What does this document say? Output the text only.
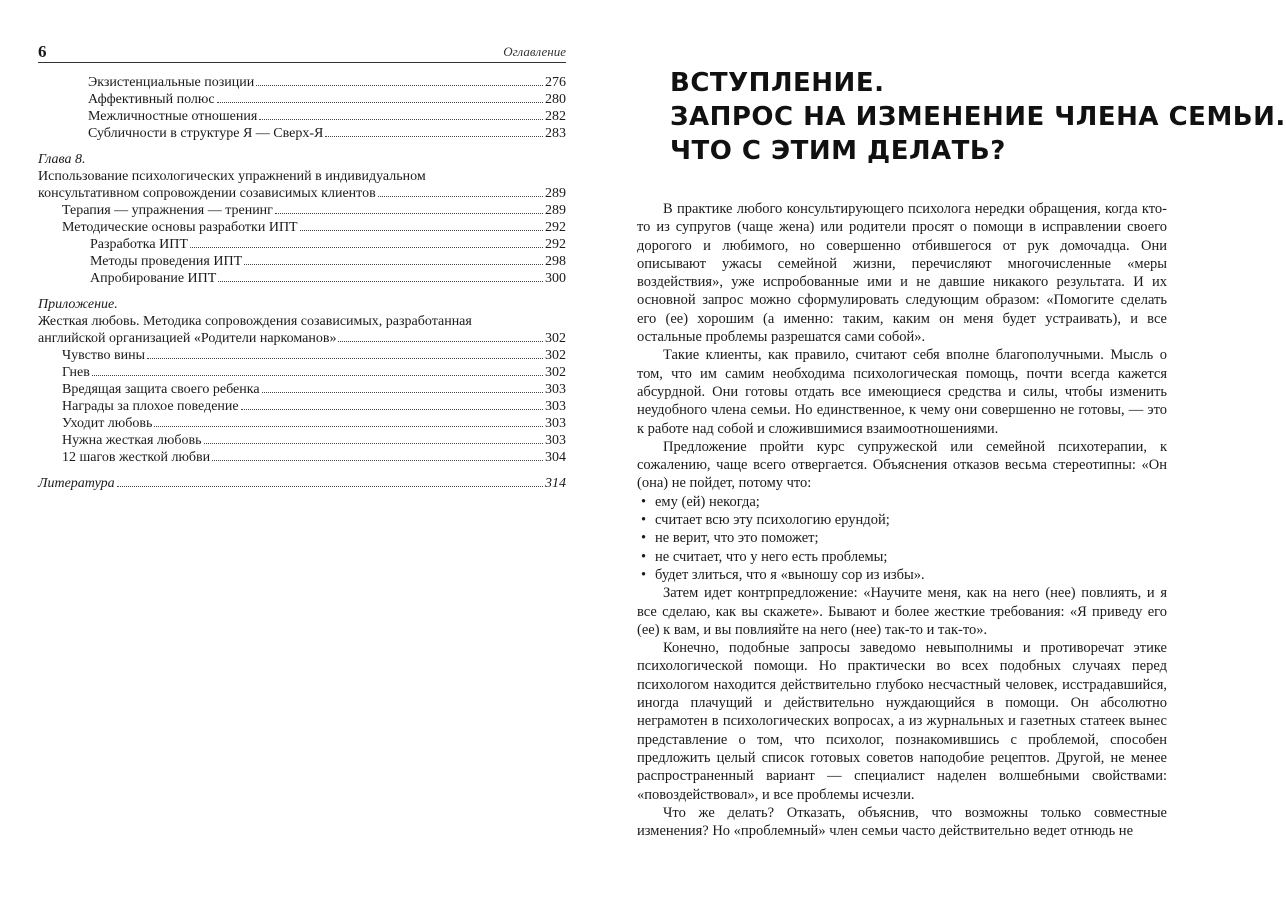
6	Оглавление
Экзистенциальные позиции	276
Аффективный полюс	280
Межличностные отношения	282
Субличности в структуре Я — Сверх-Я	283
Глава 8.
Использование психологических упражнений в индивидуальном
консультативном сопровождении созависимых клиентов	289
Терапия — упражнения — тренинг	289
Методические основы разработки ИПТ	292
Разработка ИПТ	292
Методы проведения ИПТ	298
Апробирование ИПТ	300
Приложение.
Жесткая любовь. Методика сопровождения созависимых, разработанная
английской организацией «Родители наркоманов»	302
Чувство вины	302
Гнев	302
Вредящая защита своего ребенка	303
Награды за плохое поведение	303
Уходит любовь	303
Нужна жесткая любовь	303
12 шагов жесткой любви	304
Литература	314
ВСТУПЛЕНИЕ.
ЗАПРОС НА ИЗМЕНЕНИЕ ЧЛЕНА СЕМЬИ.
ЧТО С ЭТИМ ДЕЛАТЬ?

В практике любого консультирующего психолога нередки обращения, когда кто-то из супругов (чаще жена) или родители просят о помощи в исправлении своего дорогого и любимого, но совершенно отбившегося от рук домочадца. Они описывают ужасы семейной жизни, перечисляют многочисленные «меры воздействия», уже испробованные ими и не давшие никакого результата. И их основной запрос можно сформулировать следующим образом: «Помогите сделать его (ее) хорошим (а именно: таким, каким он меня будет устраивать), и все остальные проблемы разрешатся сами собой».

Такие клиенты, как правило, считают себя вполне благополучными. Мысль о том, что им самим необходима психологическая помощь, почти всегда кажется абсурдной. Они готовы отдать все имеющиеся средства и силы, чтобы изменить неудобного члена семьи. Но единственное, к чему они совершенно не готовы, — это к работе над собой и сложившимися взаимоотношениями.

Предложение пройти курс супружеской или семейной психотерапии, к сожалению, чаще всего отвергается. Объяснения отказов весьма стереотипны: «Он (она) не пойдет, потому что:

• ему (ей) некогда;
• считает всю эту психологию ерундой;
• не верит, что это поможет;
• не считает, что у него есть проблемы;
• будет злиться, что я «выношу сор из избы».

Затем идет контрпредложение: «Научите меня, как на него (нее) повлиять, и я все сделаю, как вы скажете». Бывают и более жесткие требования: «Я приведу его (ее) к вам, и вы повлияйте на него (нее) так-то и так-то».

Конечно, подобные запросы заведомо невыполнимы и противоречат этике психологической помощи. Но практически во всех подобных случаях перед психологом находится действительно глубоко несчастный человек, исстрадавшийся, иногда плачущий и действительно нуждающийся в помощи. Он абсолютно неграмотен в психологических вопросах, а из журнальных и газетных статеек вынес представление о том, что психолог, познакомившись с проблемой, способен предложить целый список готовых советов наподобие рецептов. Другой, не менее распространенный вариант — специалист наделен волшебными свойствами: «повоздействовал», и все проблемы исчезли.

Что же делать? Отказать, объяснив, что возможны только совместные изменения? Но «проблемный» член семьи часто действительно ведет отнюдь не
